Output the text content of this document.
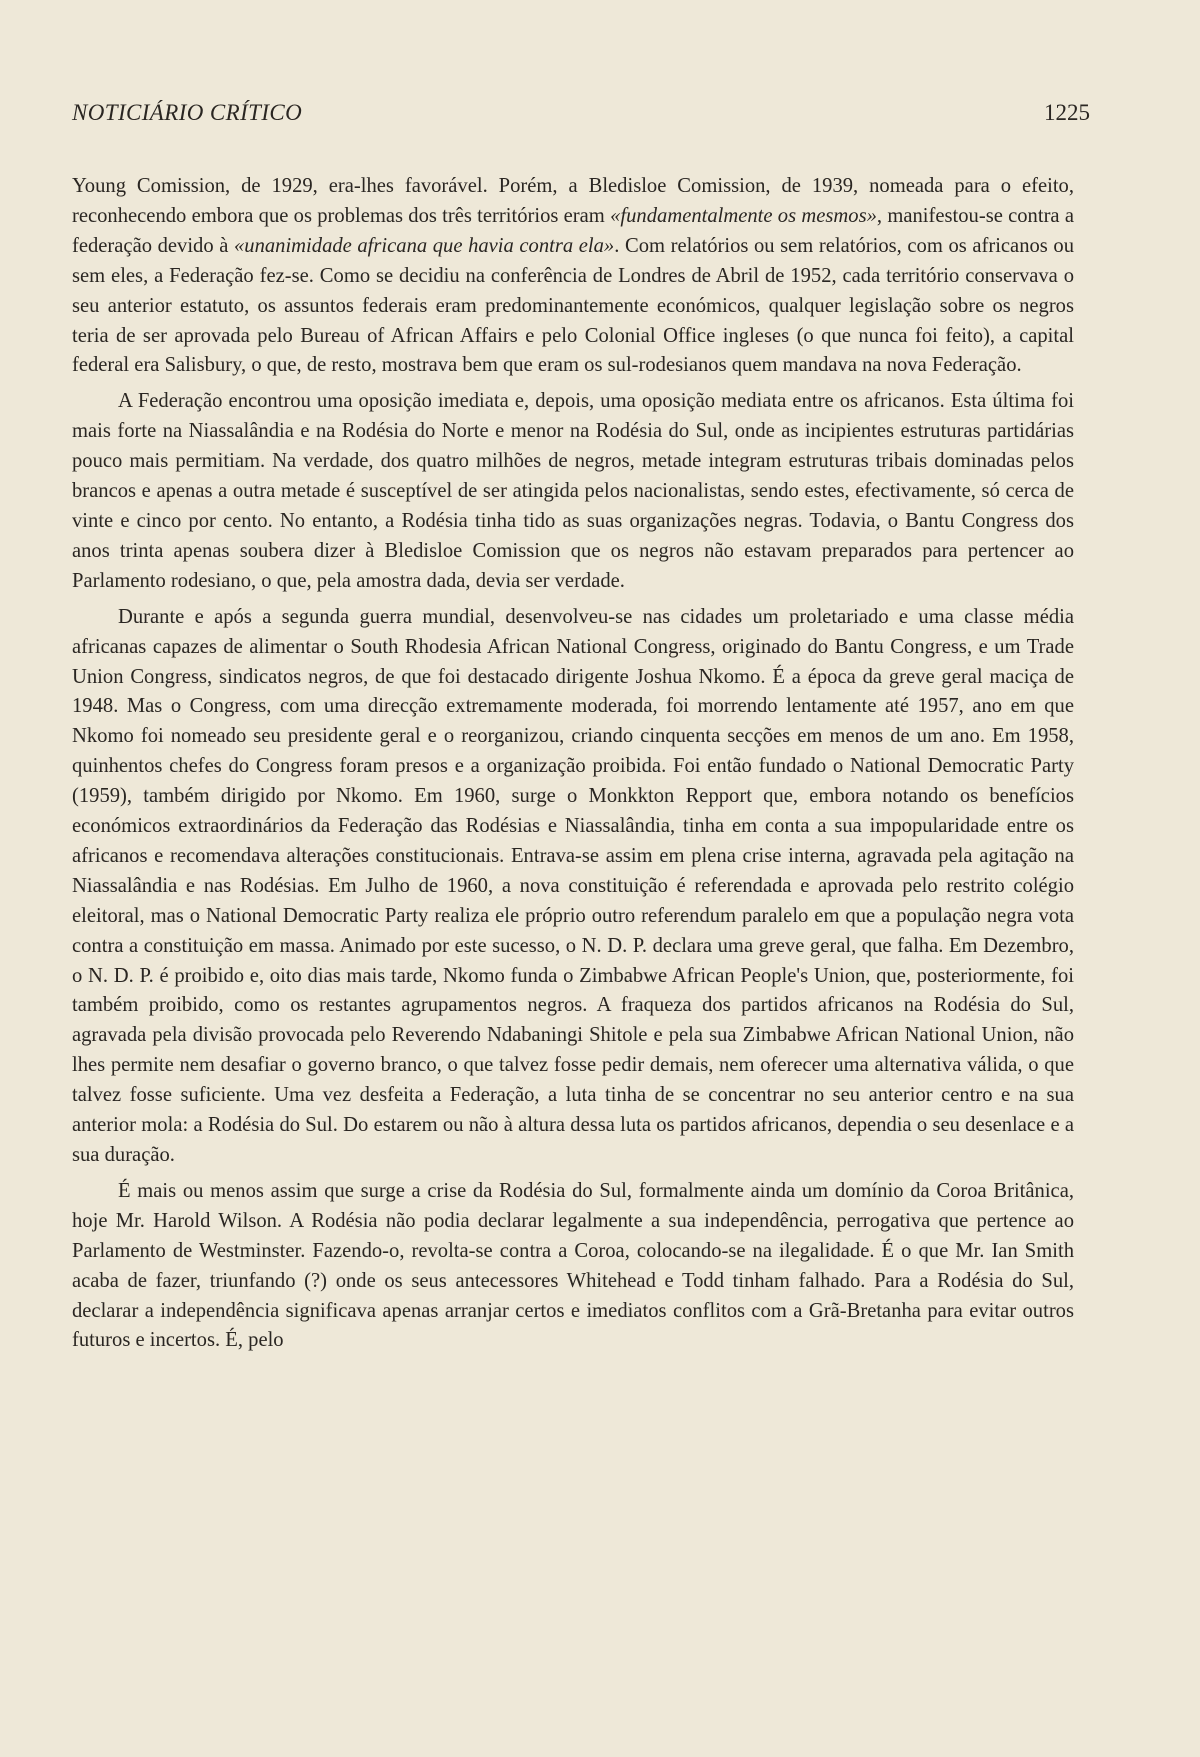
NOTICIÁRIO CRÍTICO	1225

Young Comission, de 1929, era-lhes favorável. Porém, a Bledisloe Comission, de 1939, nomeada para o efeito, reconhecendo embora que os problemas dos três territórios eram «fundamentalmente os mesmos», manifestou-se contra a federação devido à «unanimidade africana que havia contra ela». Com relatórios ou sem relatórios, com os africanos ou sem eles, a Federação fez-se. Como se decidiu na conferência de Londres de Abril de 1952, cada território conservava o seu anterior estatuto, os assuntos federais eram predominantemente económicos, qualquer legislação sobre os negros teria de ser aprovada pelo Bureau of African Affairs e pelo Colonial Office ingleses (o que nunca foi feito), a capital federal era Salisbury, o que, de resto, mostrava bem que eram os sul-rodesianos quem mandava na nova Federação.

A Federação encontrou uma oposição imediata e, depois, uma oposição mediata entre os africanos. Esta última foi mais forte na Niassalândia e na Rodésia do Norte e menor na Rodésia do Sul, onde as incipientes estruturas partidárias pouco mais permitiam. Na verdade, dos quatro milhões de negros, metade integram estruturas tribais dominadas pelos brancos e apenas a outra metade é susceptível de ser atingida pelos nacionalistas, sendo estes, efectivamente, só cerca de vinte e cinco por cento. No entanto, a Rodésia tinha tido as suas organizações negras. Todavia, o Bantu Congress dos anos trinta apenas soubera dizer à Bledisloe Comission que os negros não estavam preparados para pertencer ao Parlamento rodesiano, o que, pela amostra dada, devia ser verdade.

Durante e após a segunda guerra mundial, desenvolveu-se nas cidades um proletariado e uma classe média africanas capazes de alimentar o South Rhodesia African National Congress, originado do Bantu Congress, e um Trade Union Congress, sindicatos negros, de que foi destacado dirigente Joshua Nkomo. É a época da greve geral maciça de 1948. Mas o Congress, com uma direcção extremamente moderada, foi morrendo lentamente até 1957, ano em que Nkomo foi nomeado seu presidente geral e o reorganizou, criando cinquenta secções em menos de um ano. Em 1958, quinhentos chefes do Congress foram presos e a organização proibida. Foi então fundado o National Democratic Party (1959), também dirigido por Nkomo. Em 1960, surge o Monkkton Repport que, embora notando os benefícios económicos extraordinários da Federação das Rodésias e Niassalândia, tinha em conta a sua impopularidade entre os africanos e recomendava alterações constitucionais. Entrava-se assim em plena crise interna, agravada pela agitação na Niassalândia e nas Rodésias. Em Julho de 1960, a nova constituição é referendada e aprovada pelo restrito colégio eleitoral, mas o National Democratic Party realiza ele próprio outro referendum paralelo em que a população negra vota contra a constituição em massa. Animado por este sucesso, o N. D. P. declara uma greve geral, que falha. Em Dezembro, o N. D. P. é proibido e, oito dias mais tarde, Nkomo funda o Zimbabwe African People's Union, que, posteriormente, foi também proibido, como os restantes agrupamentos negros. A fraqueza dos partidos africanos na Rodésia do Sul, agravada pela divisão provocada pelo Reverendo Ndabaningi Shitole e pela sua Zimbabwe African National Union, não lhes permite nem desafiar o governo branco, o que talvez fosse pedir demais, nem oferecer uma alternativa válida, o que talvez fosse suficiente. Uma vez desfeita a Federação, a luta tinha de se concentrar no seu anterior centro e na sua anterior mola: a Rodésia do Sul. Do estarem ou não à altura dessa luta os partidos africanos, dependia o seu desenlace e a sua duração.

É mais ou menos assim que surge a crise da Rodésia do Sul, formalmente ainda um domínio da Coroa Britânica, hoje Mr. Harold Wilson. A Rodésia não podia declarar legalmente a sua independência, perrogativa que pertence ao Parlamento de Westminster. Fazendo-o, revolta-se contra a Coroa, colocando-se na ilegalidade. É o que Mr. Ian Smith acaba de fazer, triunfando (?) onde os seus antecessores Whitehead e Todd tinham falhado. Para a Rodésia do Sul, declarar a independência significava apenas arranjar certos e imediatos conflitos com a Grã-Bretanha para evitar outros futuros e incertos. É, pelo
